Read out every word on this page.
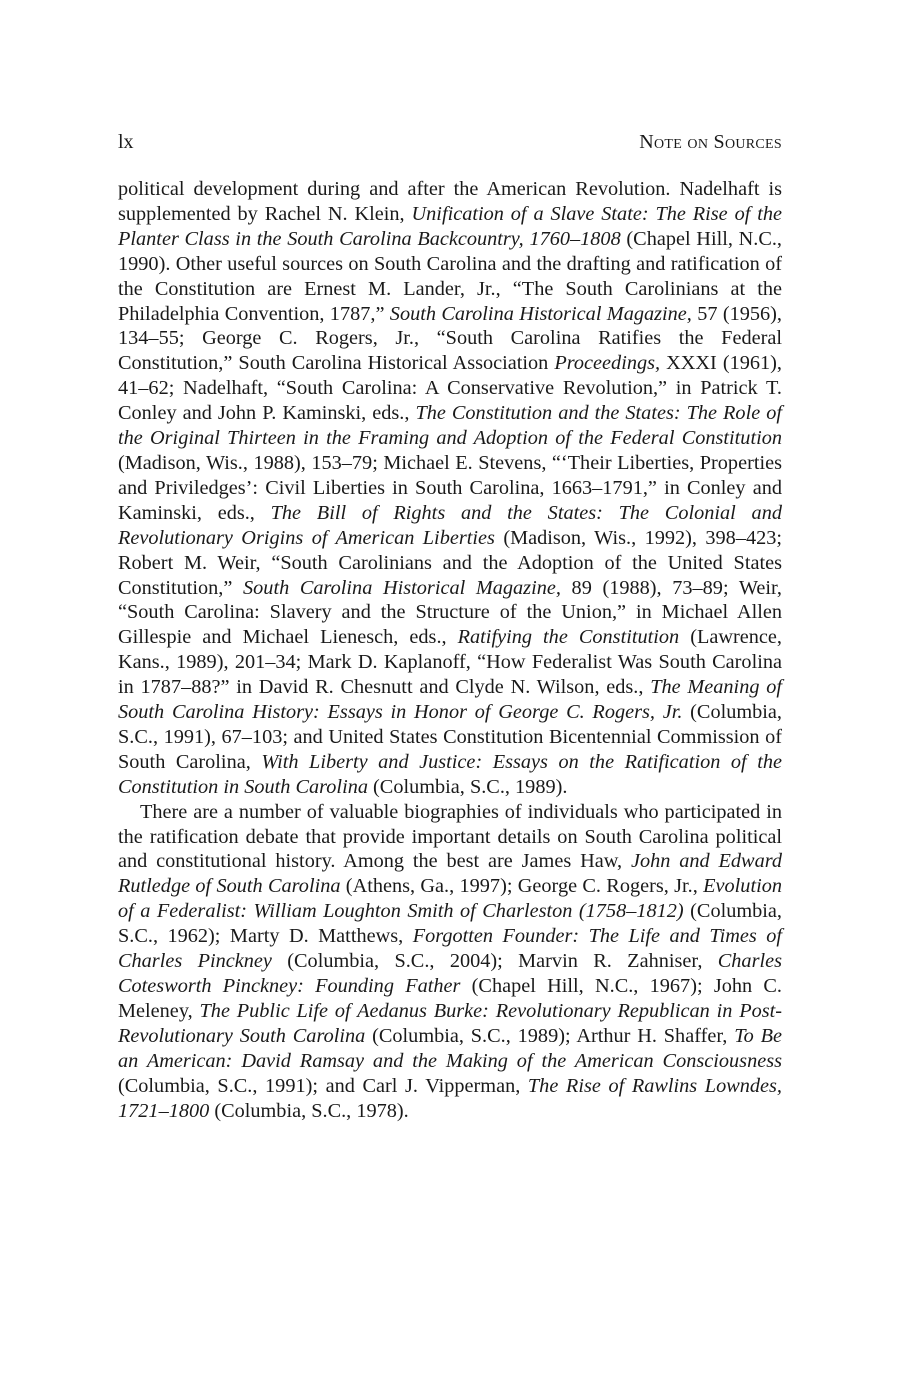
lx	Note on Sources

political development during and after the American Revolution. Nadelhaft is supplemented by Rachel N. Klein, Unification of a Slave State: The Rise of the Planter Class in the South Carolina Backcountry, 1760–1808 (Chapel Hill, N.C., 1990). Other useful sources on South Carolina and the drafting and ratification of the Constitution are Ernest M. Lander, Jr., “The South Carolinians at the Philadelphia Convention, 1787,” South Carolina Historical Magazine, 57 (1956), 134–55; George C. Rogers, Jr., “South Carolina Ratifies the Federal Constitution,” South Carolina Historical Association Proceedings, XXXI (1961), 41–62; Nadelhaft, “South Carolina: A Conservative Revolution,” in Patrick T. Conley and John P. Kaminski, eds., The Constitution and the States: The Role of the Original Thirteen in the Framing and Adoption of the Federal Constitution (Madison, Wis., 1988), 153–79; Michael E. Stevens, “‘Their Liberties, Properties and Priviledges’: Civil Liberties in South Carolina, 1663–1791,” in Conley and Kaminski, eds., The Bill of Rights and the States: The Colonial and Revolutionary Origins of American Liberties (Madison, Wis., 1992), 398–423; Robert M. Weir, “South Carolinians and the Adoption of the United States Constitution,” South Carolina Historical Magazine, 89 (1988), 73–89; Weir, “South Carolina: Slavery and the Structure of the Union,” in Michael Allen Gillespie and Michael Lienesch, eds., Ratifying the Constitution (Lawrence, Kans., 1989), 201–34; Mark D. Kaplanoff, “How Federalist Was South Carolina in 1787–88?” in David R. Chesnutt and Clyde N. Wilson, eds., The Meaning of South Carolina History: Essays in Honor of George C. Rogers, Jr. (Columbia, S.C., 1991), 67–103; and United States Constitution Bicentennial Commission of South Carolina, With Liberty and Justice: Essays on the Ratification of the Constitution in South Carolina (Columbia, S.C., 1989).

There are a number of valuable biographies of individuals who participated in the ratification debate that provide important details on South Carolina political and constitutional history. Among the best are James Haw, John and Edward Rutledge of South Carolina (Athens, Ga., 1997); George C. Rogers, Jr., Evolution of a Federalist: William Loughton Smith of Charleston (1758–1812) (Columbia, S.C., 1962); Marty D. Matthews, Forgotten Founder: The Life and Times of Charles Pinckney (Columbia, S.C., 2004); Marvin R. Zahniser, Charles Cotesworth Pinckney: Founding Father (Chapel Hill, N.C., 1967); John C. Meleney, The Public Life of Aedanus Burke: Revolutionary Republican in Post-Revolutionary South Carolina (Columbia, S.C., 1989); Arthur H. Shaffer, To Be an American: David Ramsay and the Making of the American Consciousness (Columbia, S.C., 1991); and Carl J. Vipperman, The Rise of Rawlins Lowndes, 1721–1800 (Columbia, S.C., 1978).
